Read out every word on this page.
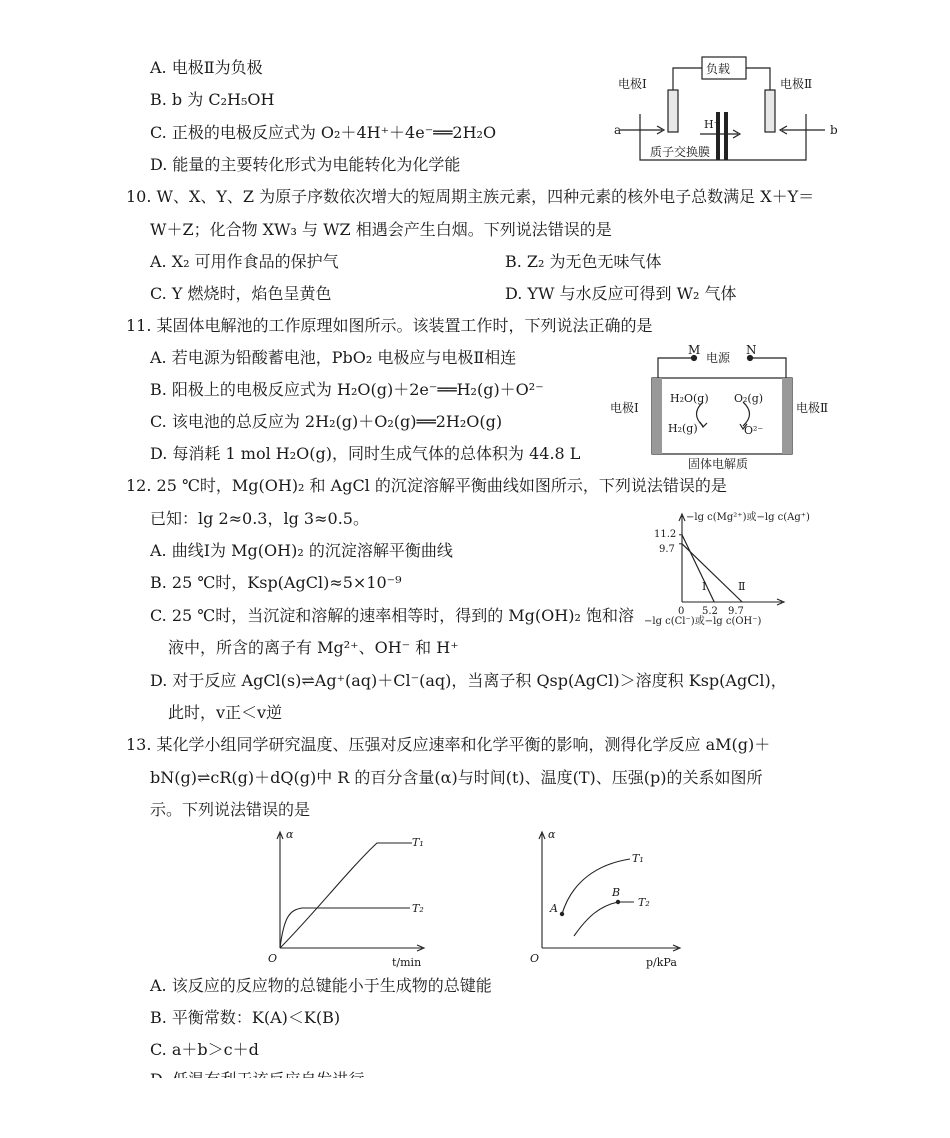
A. 电极Ⅱ为负极
B. b 为 C₂H₅OH
C. 正极的电极反应式为 O₂＋4H⁺＋4e⁻══2H₂O
D. 能量的主要转化形式为电能转化为化学能
负载
电极Ⅰ	电极Ⅱ
a	b
H⁺
质子交换膜
10. W、X、Y、Z 为原子序数依次增大的短周期主族元素，四种元素的核外电子总数满足 X＋Y＝
W＋Z；化合物 XW₃ 与 WZ 相遇会产生白烟。下列说法错误的是
A. X₂ 可用作食品的保护气	B. Z₂ 为无色无味气体
C. Y 燃烧时，焰色呈黄色	D. YW 与水反应可得到 W₂ 气体
11. 某固体电解池的工作原理如图所示。该装置工作时，下列说法正确的是
A. 若电源为铅酸蓄电池，PbO₂ 电极应与电极Ⅱ相连
B. 阳极上的电极反应式为 H₂O(g)＋2e⁻══H₂(g)＋O²⁻
C. 该电池的总反应为 2H₂(g)＋O₂(g)══2H₂O(g)
D. 每消耗 1 mol H₂O(g)，同时生成气体的总体积为 44.8 L
M	N
电源
电极Ⅰ	电极Ⅱ
H₂O(g)
H₂(g)
O₂(g)
O²⁻
固体电解质
12. 25 ℃时，Mg(OH)₂ 和 AgCl 的沉淀溶解平衡曲线如图所示，下列说法错误的是
已知：lg 2≈0.3，lg 3≈0.5。
A. 曲线Ⅰ为 Mg(OH)₂ 的沉淀溶解平衡曲线
B. 25 ℃时，Ksp(AgCl)≈5×10⁻⁹
C. 25 ℃时，当沉淀和溶解的速率相等时，得到的 Mg(OH)₂ 饱和溶
液中，所含的离子有 Mg²⁺、OH⁻ 和 H⁺
D. 对于反应 AgCl(s)⇌Ag⁺(aq)＋Cl⁻(aq)，当离子积 Qsp(AgCl)＞溶度积 Ksp(AgCl)，
此时，v正＜v逆
−lg c(Mg²⁺)或−lg c(Ag⁺)
−lg c(Cl⁻)或−lg c(OH⁻)
0
11.2
9.7
5.2 9.7
Ⅰ	Ⅱ
13. 某化学小组同学研究温度、压强对反应速率和化学平衡的影响，测得化学反应 aM(g)＋
bN(g)⇌cR(g)＋dQ(g)中 R 的百分含量(α)与时间(t)、温度(T)、压强(p)的关系如图所
示。下列说法错误的是
α
T₁
T₂
O	t/min
α
T₁
T₂
A
B
O	p/kPa
A. 该反应的反应物的总键能小于生成物的总键能
B. 平衡常数：K(A)＜K(B)
C. a＋b＞c＋d
